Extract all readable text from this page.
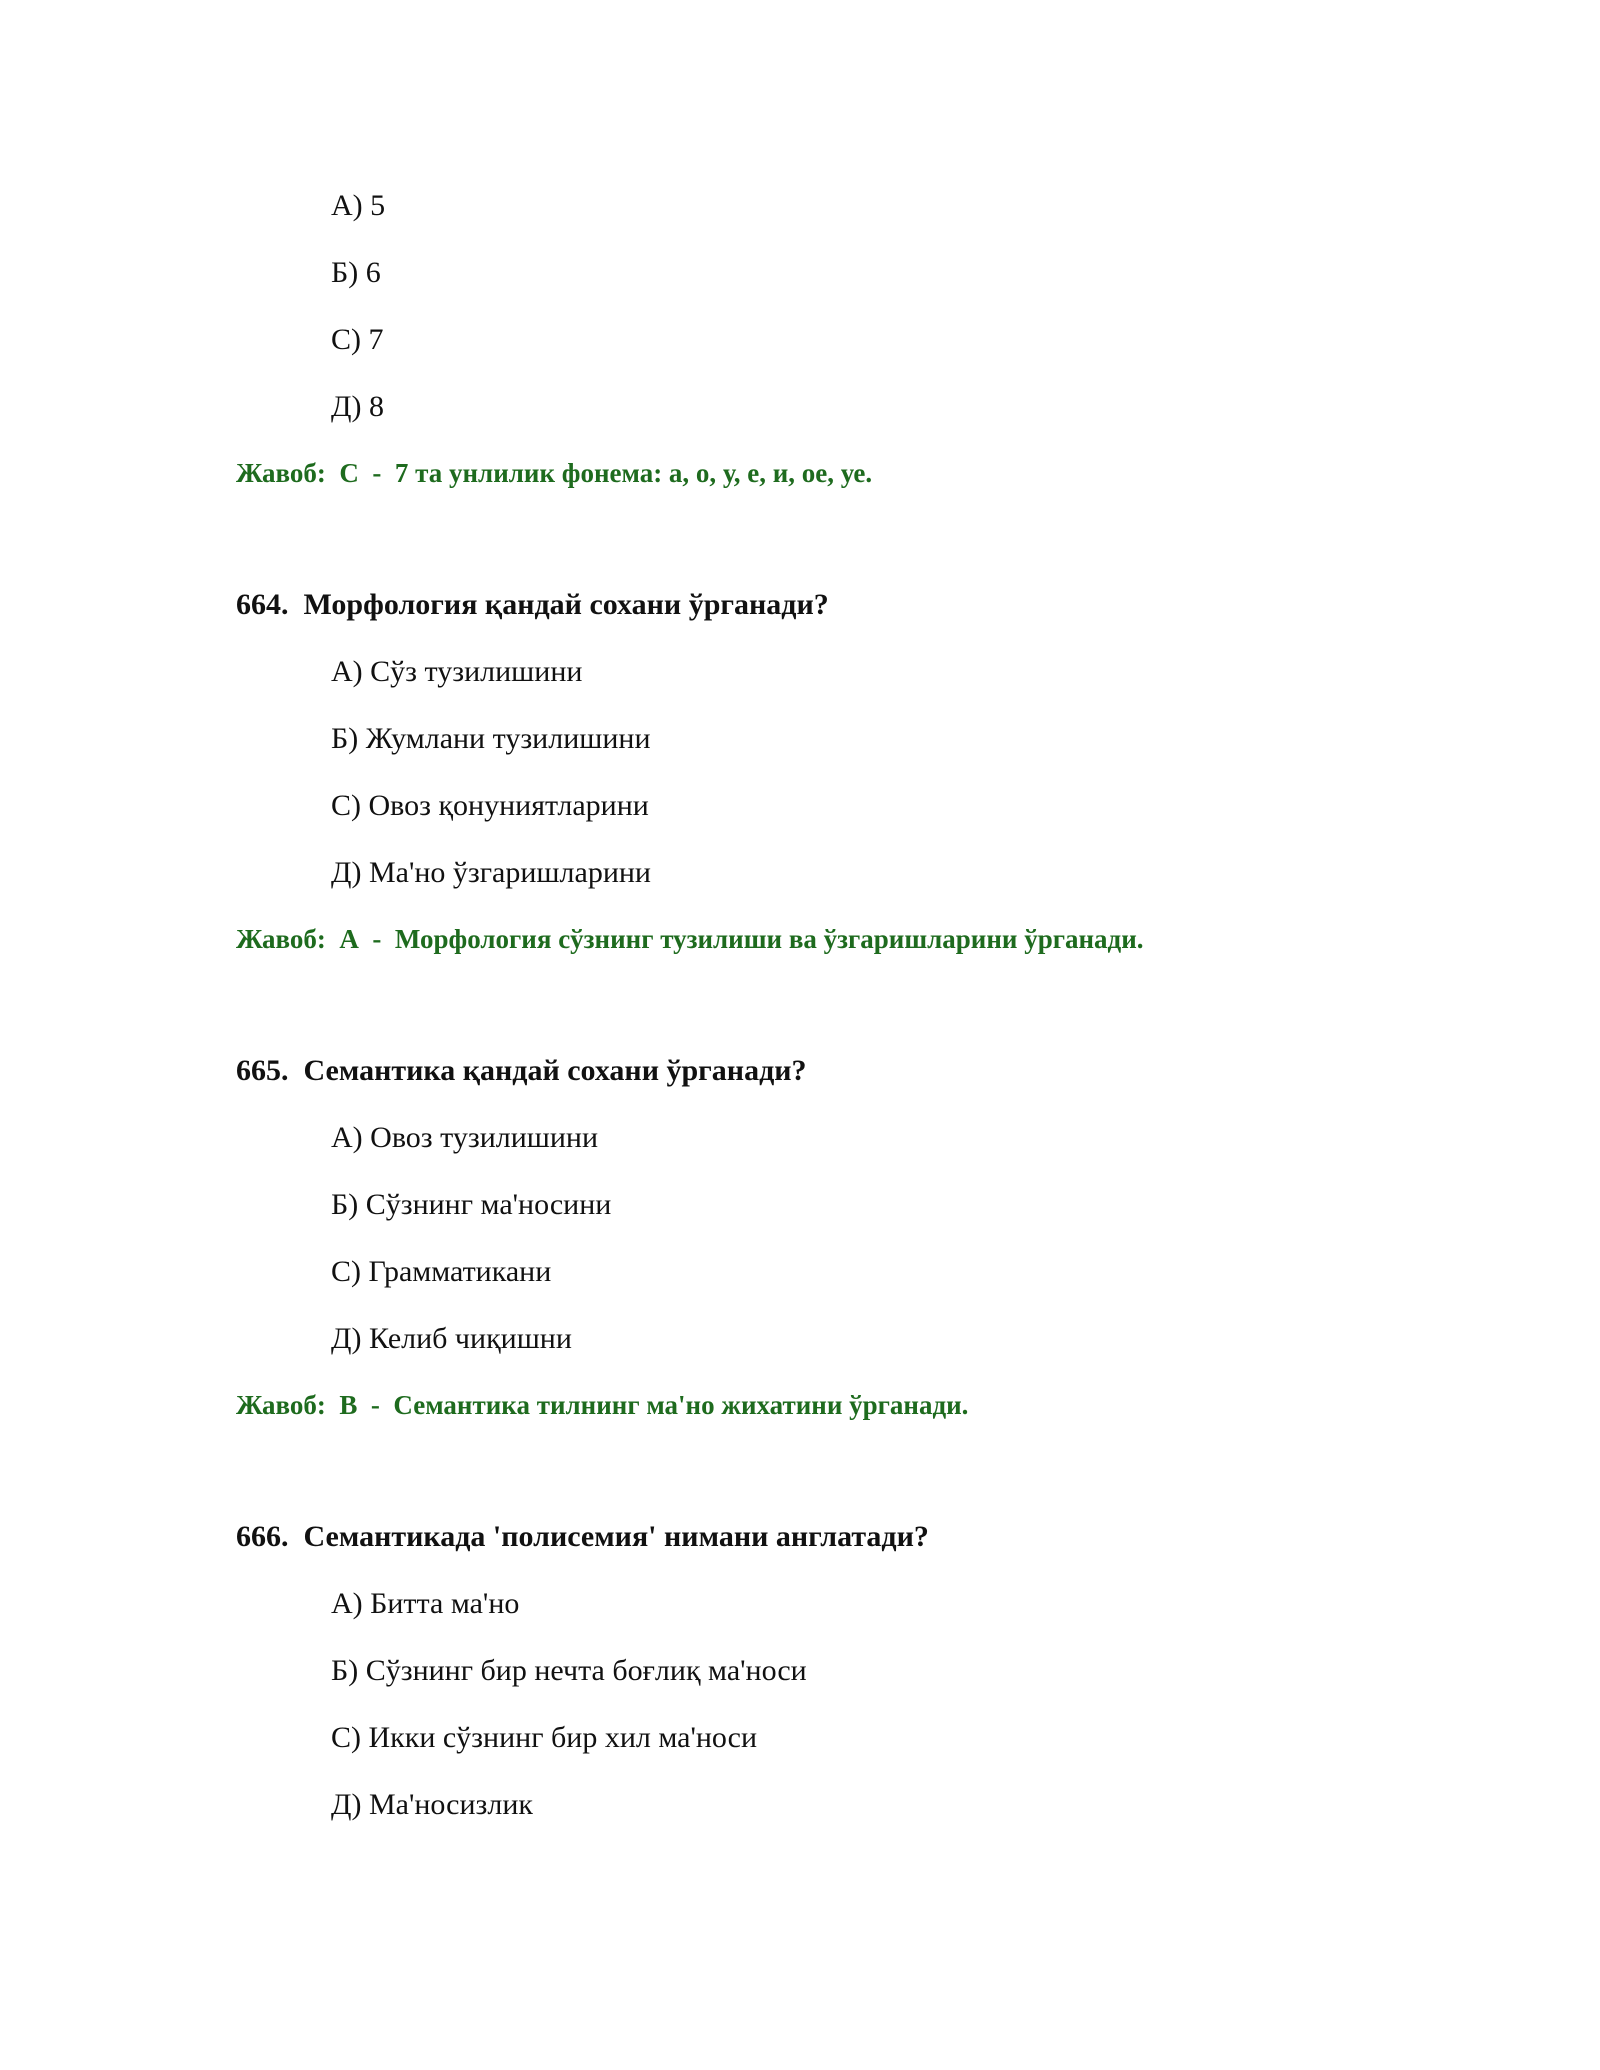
А) 5
Б) 6
С) 7
Д) 8
Жавоб:  С  -  7 та унлилик фонема: а, о, у, е, и, ое, уе.
664.  Морфология қандай сохани ўрганади?
А) Сўз тузилишини
Б) Жумлани тузилишини
С) Овоз қонуниятларини
Д) Ма'но ўзгаришларини
Жавоб:  А  -  Морфология сўзнинг тузилиши ва ўзгаришларини ўрганади.
665.  Семантика қандай сохани ўрганади?
А) Овоз тузилишини
Б) Сўзнинг ма'носини
С) Грамматикани
Д) Келиб чиқишни
Жавоб:  В  -  Семантика тилнинг ма'но жихатини ўрганади.
666.  Семантикада 'полисемия' нимани англатади?
А) Битта ма'но
Б) Сўзнинг бир нечта боғлиқ ма'носи
С) Икки сўзнинг бир хил ма'носи
Д) Ма'носизлик
